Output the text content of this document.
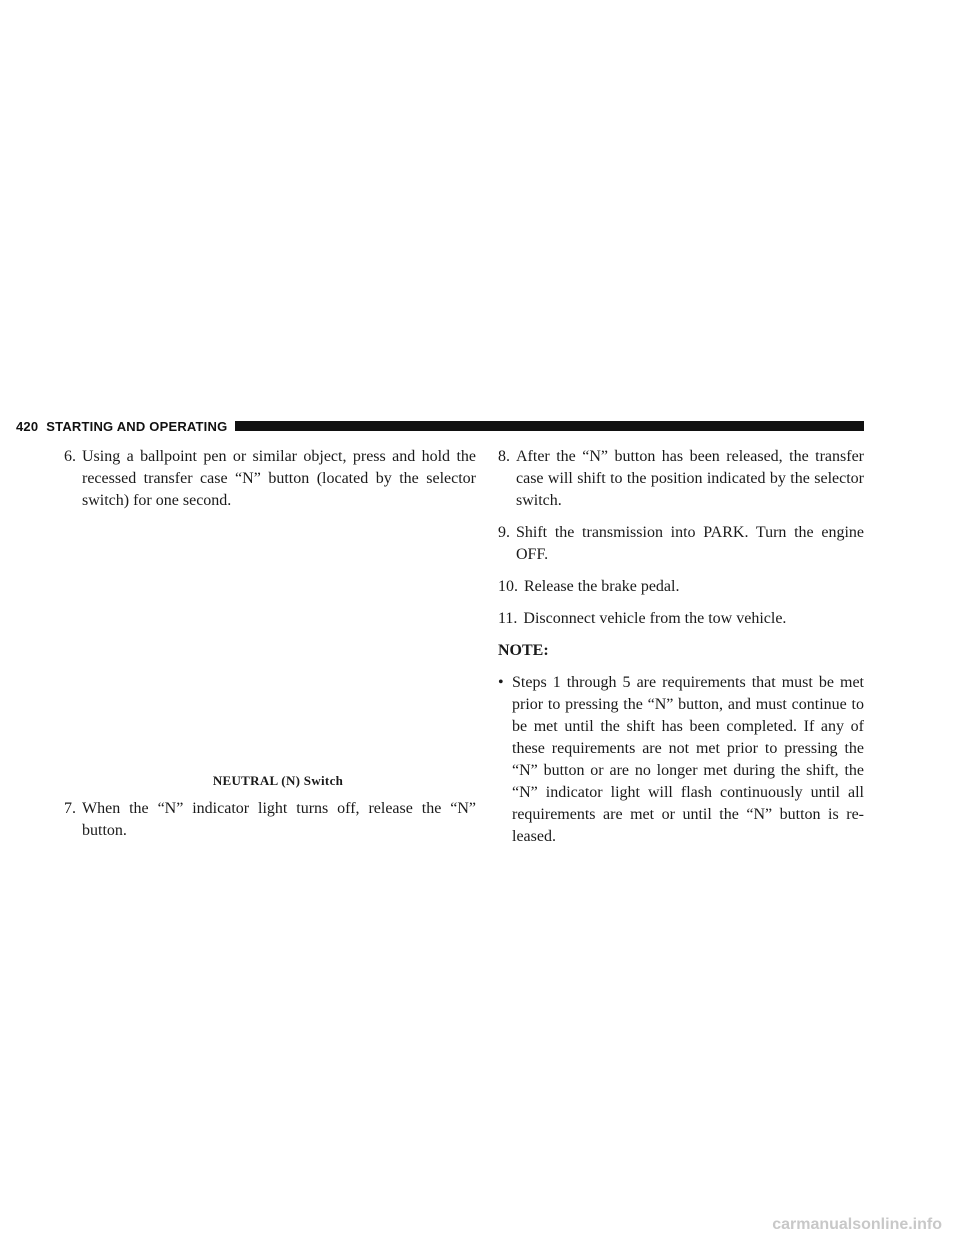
420 STARTING AND OPERATING
6. Using a ballpoint pen or similar object, press and hold the recessed transfer case “N” button (located by the selector switch) for one second.
NEUTRAL (N) Switch
7. When the “N” indicator light turns off, release the “N” button.
8. After the “N” button has been released, the transfer case will shift to the position indicated by the selector switch.
9. Shift the transmission into PARK. Turn the engine OFF.
10. Release the brake pedal.
11. Disconnect vehicle from the tow vehicle.
NOTE:
• Steps 1 through 5 are requirements that must be met prior to pressing the “N” button, and must continue to be met until the shift has been completed. If any of these requirements are not met prior to pressing the “N” button or are no longer met during the shift, the “N” indicator light will flash continuously until all requirements are met or until the “N” button is re-leased.
carmanualsonline.info
